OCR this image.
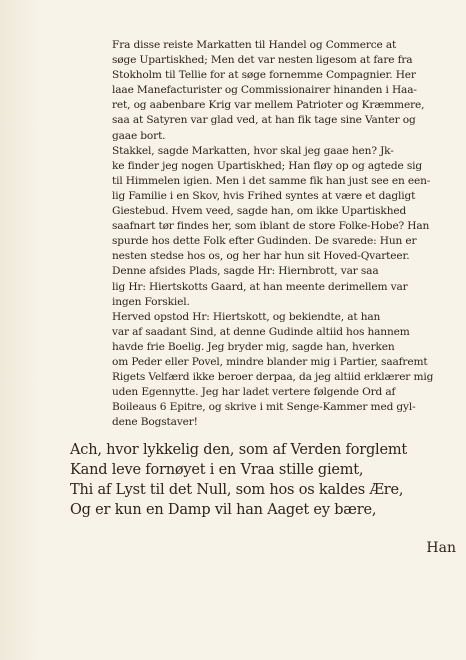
Fra disse reiste Markatten til Handel og Commerce at
søge Upartiskhed; Men det var nesten ligesom at fare fra
Stokholm til Tellie for at søge fornemme Compagnier. Her
laae Manefacturister og Commissionairer hinanden i Haa-
ret, og aabenbare Krig var mellem Patrioter og Kræmmere,
saa at Satyren var glad ved, at han fik tage sine Vanter og
gaae bort.

Stakkel, sagde Markatten, hvor skal jeg gaae hen? Jk-
ke finder jeg nogen Upartiskhed; Han fløy op og agtede sig
til Himmelen igien. Men i det samme fik han just see en een-
lig Familie i en Skov, hvis Frihed syntes at være et dagligt
Giestebud. Hvem veed, sagde han, om ikke Upartiskhed
saafnart tør findes her, som iblant de store Folke-Hobe? Han
spurde hos dette Folk efter Gudinden. De svarede: Hun er
nesten stedse hos os, og her har hun sit Hoved-Qvarteer.

Denne afsides Plads, sagde Hr: Hiernbrott, var saa
lig Hr: Hiertskotts Gaard, at han meente derimellem var
ingen Forskiel.

Herved opstod Hr: Hiertskott, og bekiendte, at han
var af saadant Sind, at denne Gudinde altiid hos hannem
havde frie Boelig. Jeg bryder mig, sagde han, hverken
om Peder eller Povel, mindre blander mig i Partier, saafremt
Rigets Velfærd ikke beroer derpaa, da jeg altiid erklærer mig
uden Egennytte. Jeg har ladet vertere følgende Ord af
Boileaus 6 Epitre, og skrive i mit Senge-Kammer med gyl-
dene Bogstaver!

Ach, hvor lykkelig den, som af Verden forglemt
Kand leve fornøyet i en Vraa stille giemt,
Thi af Lyst til det Null, som hos os kaldes Ære,
Og er kun en Damp vil han Aaget ey bære,
Han
